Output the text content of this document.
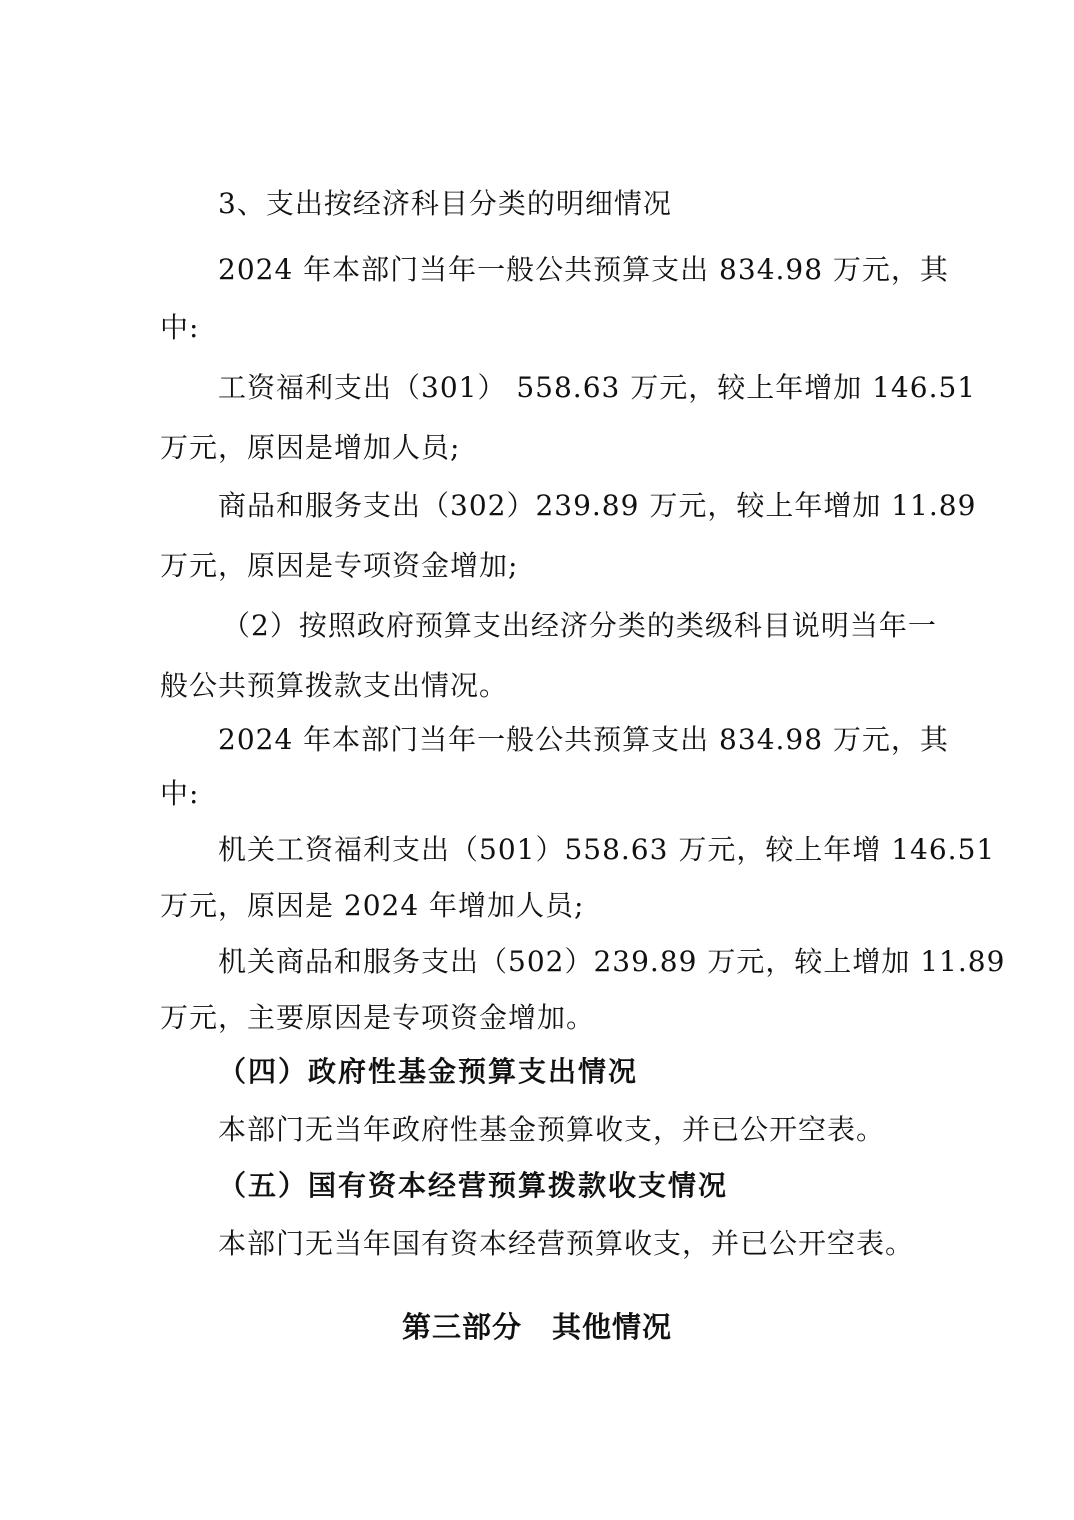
3、支出按经济科目分类的明细情况
2024 年本部门当年一般公共预算支出 834.98 万元，其
中:
工资福利支出（301） 558.63 万元，较上年增加 146.51
万元，原因是增加人员;
商品和服务支出（302）239.89 万元，较上年增加 11.89
万元，原因是专项资金增加;
（2）按照政府预算支出经济分类的类级科目说明当年一
般公共预算拨款支出情况。
2024 年本部门当年一般公共预算支出 834.98 万元，其
中:
机关工资福利支出（501）558.63 万元，较上年增 146.51
万元，原因是 2024 年增加人员;
机关商品和服务支出（502）239.89 万元，较上增加 11.89
万元，主要原因是专项资金增加。
（四）政府性基金预算支出情况
本部门无当年政府性基金预算收支，并已公开空表。
（五）国有资本经营预算拨款收支情况
本部门无当年国有资本经营预算收支，并已公开空表。
第三部分　其他情况
